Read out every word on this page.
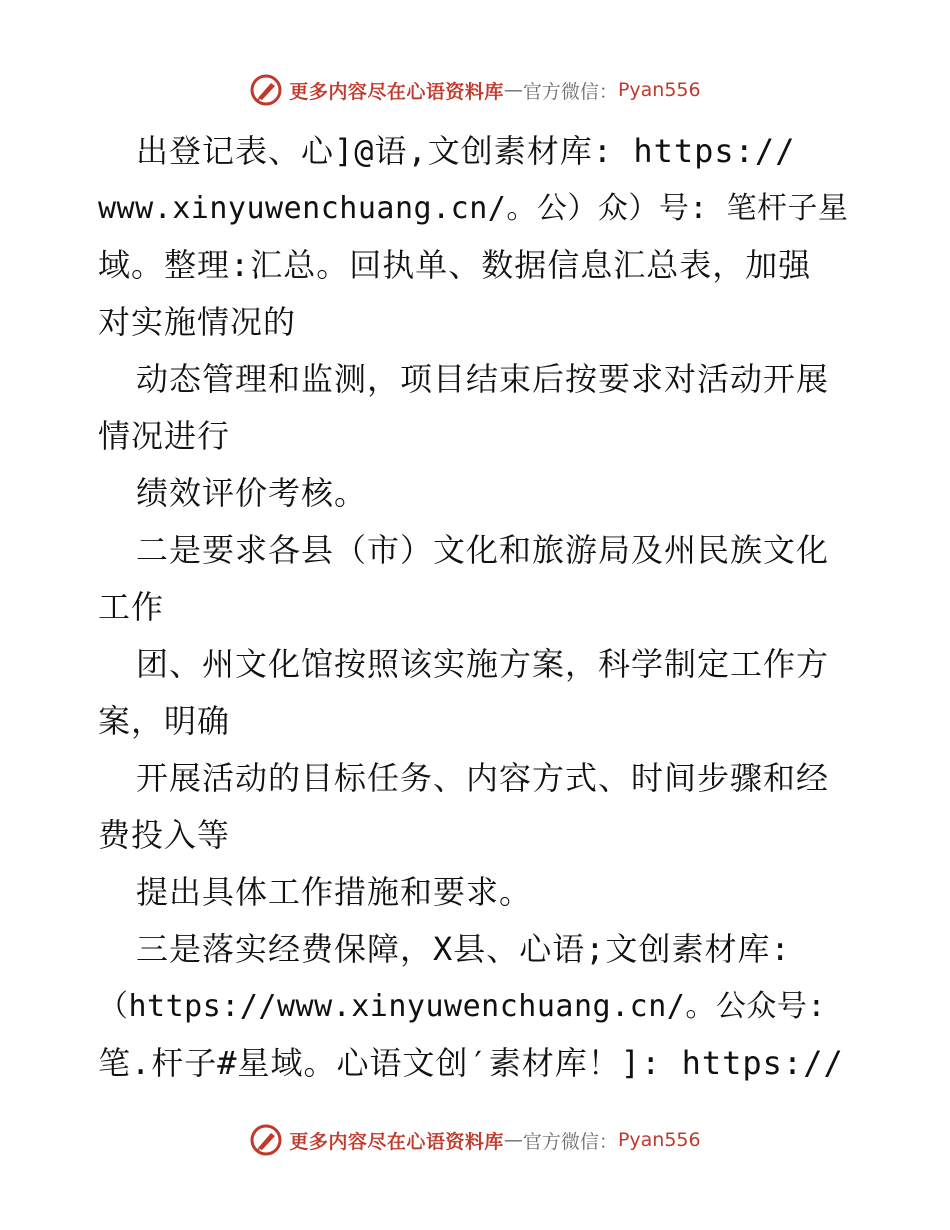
更多内容尽在心语资料库 — 官方微信： Pyan556
出登记表、心]@语,文创素材库: https://
www.xinyuwenchuang.cn/。公）众）号: 笔杆子星
域。整理:汇总。回执单、数据信息汇总表，加强
对实施情况的
动态管理和监测，项目结束后按要求对活动开展
情况进行
绩效评价考核。
二是要求各县（市）文化和旅游局及州民族文化
工作
团、州文化馆按照该实施方案，科学制定工作方
案，明确
开展活动的目标任务、内容方式、时间步骤和经
费投入等
提出具体工作措施和要求。
三是落实经费保障，X县、心语;文创素材库:
（https://www.xinyuwenchuang.cn/。公众号:
笔.杆子#星域。心语文创′素材库！]: https://
更多内容尽在心语资料库 — 官方微信： Pyan556
